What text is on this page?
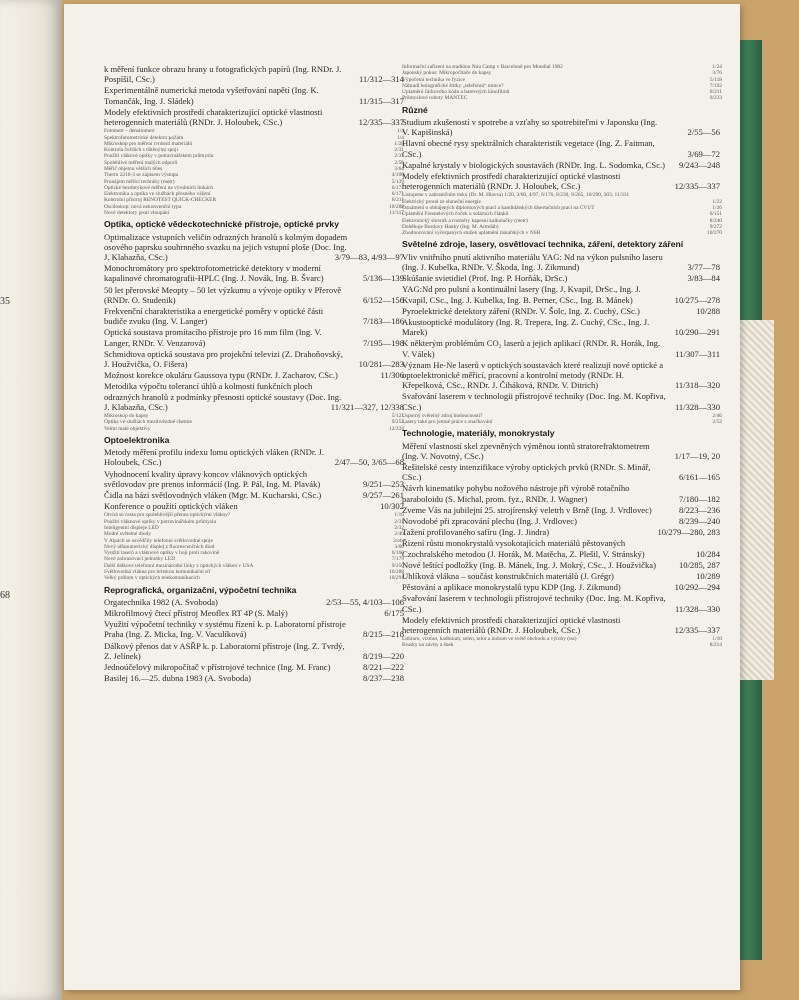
35
68
k měření funkce obrazu hrany u fotografických papírů (Ing. RNDr. J. Pospíšil, CSc.)	11/312—314
Experimentálně numerická metoda vyšetřování napětí (Ing. K. Tomančák, Ing. J. Sládek)	11/315—317
Modely efektivních prostředí charakterizující optické vlastnosti heterogenních materiálů (RNDr. J. Holoubek, CSc.)	12/335—337
Fotometr – densitometr	1/4
Spektrofotometrické detektor požáru	1/4
Mikroskop pro měření tvrdosti materiálů	1/28
Kontrola čočdich s tištěnými spoji	2/31
Použití vlákové optiky v potravinářském průmyslu	2/31
Spolehlivé měření malých odporů	2/56
Měřič objemu větších těles	3/64
Therm 2210-3 se zápisem výstupu	4/106
Pronájem měřicí techniky (metr)	5/139
Optické bezdotykové měření na výrobních linkách	6/171
Elektronika a optika ve službách přesného vážení	6/171
Kontrolní přístroj RENOTEST QUICK-CHECKER	8/211
Osciloskop: nová nekonvenční typu	10/288
Nové detektory proti vloupání	11/317
Optika, optické vědeckotechnické přístroje, optické prvky
Optimalizace vstupních veličin odrazných hranolů s kolmým dopadem osového paprsku souhrnného svazku na jejich vstupní ploše (Doc. Ing. J. Klabazňa, CSc.)	3/79—83, 4/93—97
Monochromátory pro spektrofotometrické detektory v moderní kapalinové chromatografii-HPLC (Ing. J. Novák, Ing. B. Švarc)	5/136—139
50 let přerovské Meopty – 50 let výzkumu a vývoje optiky v Přerově (RNDr. O. Studenik)	6/152—156
Frekvenční charakteristika a energetické poměry v optické části budiče zvuku (Ing. V. Langer)	7/183—186
Optická soustava promítacího přístroje pro 16 mm film (Ing. V. Langer, RNDr. V. Venzarová)	7/195—198
Schmidtova optická soustava pro projekční televizi (Z. Drahoňovský, J. Houžvička, O. Fišera)	10/281—283
Možnost korekce okuláru Gaussova typu (RNDr. J. Zacharov, CSc.)	11/306
Metodika výpočtu tolerancí úhlů a kolmosti funkčních ploch odrazných hranolů z podmínky přesnosti optické soustavy (Doc. Ing. J. Klabazňa, CSc.)	11/321—327, 12/338
Mikroskop do kapsy	5/121
Optika ve službách mezihvězdné chemie	9/253
Velmi malé objektivy	12/334
Optoelektronika
Metody měření profilu indexu lomu optických vláken (RNDr. J. Holoubek, CSc.)	2/47—50, 3/65—68
Vyhodnocení kvality úpravy koncov vláknových optických světlovodov pre prenos informácií (Ing. P. Pál, Ing. M. Plavák)	9/251—253
Čidla na bázi světlovodných vláken (Mgr. M. Kucharski, CSc.)	9/257—261
Konference o použití optických vláken	10/302
Otvírá se cesta pro spolehlivější přenos optickými vlákny?	1/16
Použití vláknové optiky v potravinářském průmyslu	2/31
Inteligentní displeje LED	2/32
Modré světelné diody	2/40
V Alpách se osvědčily telefonní světlovodné spoje	2/ob.
Nový alfanumerický displej z fluorescenčních diod	3/60
Využití laserů a vláknové optiky v boji proti rakovině	6/160
Nové zobrazovací jednotky LED	7/179
Další dálkové telefonní mezinárodní linky z optických vláken v USA	9/250
Světlovodná vlákna pro britskou komunikační síť	10/288
Velký průlom v optických telekomunikacích	10/291
Reprografická, organizační, výpočetní technika
Orgatechnika 1982 (A. Svoboda)	2/53—55, 4/103—106
Mikrofilmový čtecí přístroj Meoflex RT 4P (S. Malý)	6/175
Využití výpočetní techniky v systému řízení k. p. Laboratorní přístroje Praha (Ing. Z. Micka, Ing. V. Vaculíková)	8/215—218
Dálkový přenos dat v ASŘP k. p. Laboratorní přístroje (Ing. Z. Tvrdý, Z. Jelínek)	8/219—220
Jednoúčelový mikropočítač v přístrojové technice (Ing. M. Franc)	8/221—222
Basilej 16.—25. dubna 1983 (A. Svoboda)	8/237—238
Informační zařízení na stadiónu Nou Camp v Barceloně pro Mundial 1982	1/24
Japonský pokus: Mikropočítače do kapsy	3/76
Výpočetní technika ve fyzice	5/118
Náhradí holografické štítky „telefonní“ mince?	7/192
Uplatnění čárkového kódu a barevných kinofilmů	8/211
Průmyslové roboty MANTEC	9/233
Různé
Studium zkušeností v spotrebe a vzťahy so spotrebiteľmi v Japonsku (Ing. V. Kapišinská)	2/55—56
Hlavní obecné rysy spektrálních charakteristik vegetace (Ing. Z. Faitman, CSc.)	3/69—72
Kapalné krystaly v biologických soustavách (RNDr. Ing. L. Sodomka, CSc.) 9/243—248
Modely efektivních prostředí charakterizující optické vlastnosti heterogenních materiálů (RNDr. J. Holoubek, CSc.)	12/335—337
Listujeme v zahraničním tisku (Dr. M. Hlavsa) 1/20, 3/60, 4/97, 6/176, 8/230, 9/265, 10/290, 303, 11/331
Elektrický proud ze sluneční energie	1/22
Oznámení o obhájených diplomových prací a kandidátských disertačních prací na ČVUT	1/26
Uplatnění Fresnelových čoček u solárních článků	6/151
Elektronický slovník a rozměry kapesní kalkulačky (metr)	8/240
Doběhuje Burdovy Hanky (Ing. M. Armdáb)	9/272
Zhodnocování vyčerpaných stužek uplatnění tiskařských v NSR	10/270
Světelné zdroje, lasery, osvětlovací technika, záření, detektory záření
Vliv vnitřního pnutí aktivního materiálu YAG: Nd na výkon pulsního laseru (Ing. J. Kubelka, RNDr. V. Škoda, Ing. J. Zikmund)	3/77—78
Skúšanie svietidiel (Prof. Ing. P. Horňák, DrSc.)	3/83—84
YAG:Nd pro pulsní a kontinuální lasery (Ing. J. Kvapil, DrSc., Ing. J. Kvapil, CSc., Ing. J. Kubelka, Ing. B. Perner, CSc., Ing. B. Mánek)	10/275—278
Pyroelektrické detektory záření (RNDr. V. Šolc, Ing. Z. Cuchý, CSc.)	10/288
Akustooptické modulátory (Ing. R. Trepera, Ing. Z. Cuchý, CSc., Ing. J. Marek)	10/290—291
K některým problémům CO₂ laserů a jejich aplikací (RNDr. R. Horák, Ing. V. Válek)	11/307—311
Význam He-Ne laserů v optických soustavách které realizují nové optické a optoelektronické měřicí, pracovní a kontrolní metody (RNDr. H. Křepelková, CSc., RNDr. J. Čiháková, RNDr. V. Ditrich)	11/318—320
Svařování laserem v technologii přístrojové techniky (Doc. Ing. M. Kopřiva, CSc.)	11/328—330
Úsporný světelný zdroj budoucnosti?	2/46
Lasery také pro jemné práce s značkování	2/52
Technologie, materiály, monokrystaly
Měření vlastností skel zpevněných výměnou iontů stratorefraktometrem (Ing. V. Novotný, CSc.)	1/17—19, 20
Řešitelské cesty intenzifikace výroby optických prvků (RNDr. S. Minář, CSc.)	6/161—165
Návrh kinematiky pohybu nožového nástroje při výrobě rotačního paraboloidu (S. Michal, prom. fyz., RNDr. J. Wagner)	7/180—182
Zveme Vás na jubilejní 25. strojírenský veletrh v Brně (Ing. J. Vrdlovec)	8/223—236
Novodobé při zpracování plechu (Ing. J. Vrdlovec)	8/239—240
Tažení profilovaného safíru (Ing. J. Jindra)	10/279—280, 283
Řízení růstu monokrystalů vysokotajících materiálů pěstovaných Czochralského metodou (J. Horák, M. Matěcha, Z. Plešil, V. Stránský)	10/284
Nové leštící podložky (Ing. B. Mánek, Ing. J. Mokrý, CSc., J. Houžvička)	10/285, 287
Uhlíková vlákna – součást konstrukčních materiálů (J. Grégr)	10/289
Pěstování a aplikace monokrystalů typu KDP (Ing. J. Zikmund)	10/292—294
Svařování laserem v technologii přístrojové techniky (Doc. Ing. M. Kopřiva, CSc.)	11/328—330
Modely efektivních prostředí charakterizující optické vlastnosti heterogenních materiálů (RNDr. J. Holoubek, CSc.)	12/335—337
Lithium, vizmut, kadmium, selen, telur a indium ve světě obchodu a výroby (tss)	1/10
Brusky na závity a šnek	8/214
